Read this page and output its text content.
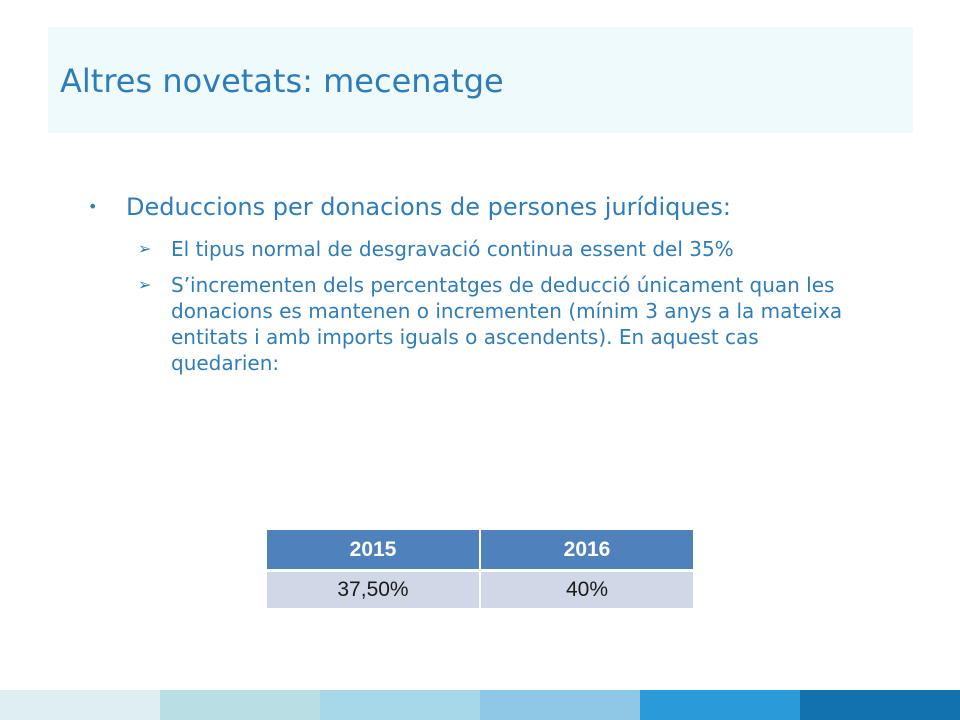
Altres novetats: mecenatge
• Deduccions per donacions de persones jurídiques:
➢ El tipus normal de desgravació continua essent del 35%
➢ S’incrementen dels percentatges de deducció únicament quan les donacions es mantenen o incrementen (mínim 3 anys a la mateixa entitats i amb imports iguals o ascendents). En aquest cas quedarien:
2015	2016
37,50%	40%
